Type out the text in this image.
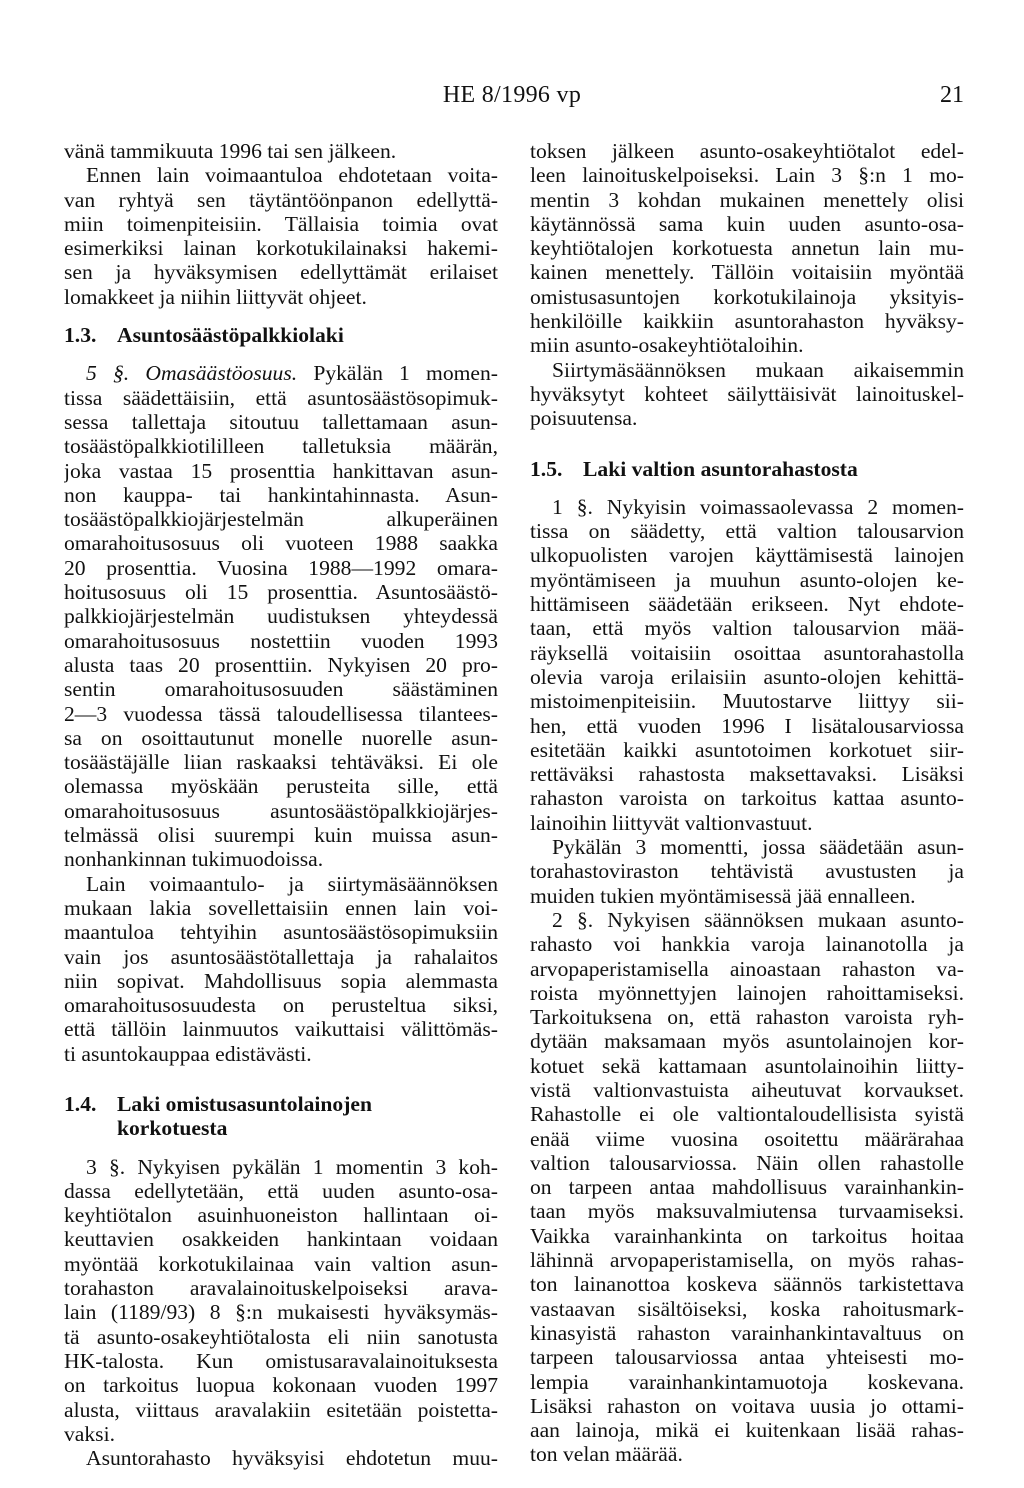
HE 8/1996 vp	21
vänä tammikuuta 1996 tai sen jälkeen.
Ennen lain voimaantuloa ehdotetaan voita-
van ryhtyä sen täytäntöönpanon edellyttä-
miin toimenpiteisiin. Tällaisia toimia ovat
esimerkiksi lainan korkotukilainaksi hakemi-
sen ja hyväksymisen edellyttämät erilaiset
lomakkeet ja niihin liittyvät ohjeet.
1.3. Asuntosäästöpalkkiolaki
5 §. Omasäästöosuus. Pykälän 1 momen-
tissa säädettäisiin, että asuntosäästösopimuk-
sessa tallettaja sitoutuu tallettamaan asun-
tosäästöpalkkiotililleen talletuksia määrän,
joka vastaa 15 prosenttia hankittavan asun-
non kauppa- tai hankintahinnasta. Asun-
tosäästöpalkkiojärjestelmän alkuperäinen
omarahoitusosuus oli vuoteen 1988 saakka
20 prosenttia. Vuosina 1988—1992 omara-
hoitusosuus oli 15 prosenttia. Asuntosäästö-
palkkiojärjestelmän uudistuksen yhteydessä
omarahoitusosuus nostettiin vuoden 1993
alusta taas 20 prosenttiin. Nykyisen 20 pro-
sentin omarahoitusosuuden säästäminen
2—3 vuodessa tässä taloudellisessa tilantees-
sa on osoittautunut monelle nuorelle asun-
tosäästäjälle liian raskaaksi tehtäväksi. Ei ole
olemassa myöskään perusteita sille, että
omarahoitusosuus asuntosäästöpalkkiojärjes-
telmässä olisi suurempi kuin muissa asun-
nonhankinnan tukimuodoissa.
Lain voimaantulo- ja siirtymäsäännöksen
mukaan lakia sovellettaisiin ennen lain voi-
maantuloa tehtyihin asuntosäästösopimuksiin
vain jos asuntosäästötallettaja ja rahalaitos
niin sopivat. Mahdollisuus sopia alemmasta
omarahoitusosuudesta on perusteltua siksi,
että tällöin lainmuutos vaikuttaisi välittömäs-
ti asuntokauppaa edistävästi.
1.4. Laki omistusasuntolainojen
korkotuesta
3 §. Nykyisen pykälän 1 momentin 3 koh-
dassa edellytetään, että uuden asunto-osa-
keyhtiötalon asuinhuoneiston hallintaan oi-
keuttavien osakkeiden hankintaan voidaan
myöntää korkotukilainaa vain valtion asun-
torahaston aravalainoituskelpoiseksi arava-
lain (1189/93) 8 §:n mukaisesti hyväksymäs-
tä asunto-osakeyhtiötalosta eli niin sanotusta
HK-talosta. Kun omistusaravalainoituksesta
on tarkoitus luopua kokonaan vuoden 1997
alusta, viittaus aravalakiin esitetään poistetta-
vaksi.
Asuntorahasto hyväksyisi ehdotetun muu-
toksen jälkeen asunto-osakeyhtiötalot edel-
leen lainoituskelpoiseksi. Lain 3 §:n 1 mo-
mentin 3 kohdan mukainen menettely olisi
käytännössä sama kuin uuden asunto-osa-
keyhtiötalojen korkotuesta annetun lain mu-
kainen menettely. Tällöin voitaisiin myöntää
omistusasuntojen korkotukilainoja yksityis-
henkilöille kaikkiin asuntorahaston hyväksy-
miin asunto-osakeyhtiötaloihin.
Siirtymäsäännöksen mukaan aikaisemmin
hyväksytyt kohteet säilyttäisivät lainoituskel-
poisuutensa.
1.5. Laki valtion asuntorahastosta
1 §. Nykyisin voimassaolevassa 2 momen-
tissa on säädetty, että valtion talousarvion
ulkopuolisten varojen käyttämisestä lainojen
myöntämiseen ja muuhun asunto-olojen ke-
hittämiseen säädetään erikseen. Nyt ehdote-
taan, että myös valtion talousarvion mää-
räyksellä voitaisiin osoittaa asuntorahastolla
olevia varoja erilaisiin asunto-olojen kehittä-
mistoimenpiteisiin. Muutostarve liittyy sii-
hen, että vuoden 1996 I lisätalousarviossa
esitetään kaikki asuntotoimen korkotuet siir-
rettäväksi rahastosta maksettavaksi. Lisäksi
rahaston varoista on tarkoitus kattaa asunto-
lainoihin liittyvät valtionvastuut.
Pykälän 3 momentti, jossa säädetään asun-
torahastoviraston tehtävistä avustusten ja
muiden tukien myöntämisessä jää ennalleen.
2 §. Nykyisen säännöksen mukaan asunto-
rahasto voi hankkia varoja lainanotolla ja
arvopaperistamisella ainoastaan rahaston va-
roista myönnettyjen lainojen rahoittamiseksi.
Tarkoituksena on, että rahaston varoista ryh-
dytään maksamaan myös asuntolainojen kor-
kotuet sekä kattamaan asuntolainoihin liitty-
vistä valtionvastuista aiheutuvat korvaukset.
Rahastolle ei ole valtiontaloudellisista syistä
enää viime vuosina osoitettu määrärahaa
valtion talousarviossa. Näin ollen rahastolle
on tarpeen antaa mahdollisuus varainhankin-
taan myös maksuvalmiutensa turvaamiseksi.
Vaikka varainhankinta on tarkoitus hoitaa
lähinnä arvopaperistamisella, on myös rahas-
ton lainanottoa koskeva säännös tarkistettava
vastaavan sisältöiseksi, koska rahoitusmark-
kinasyistä rahaston varainhankintavaltuus on
tarpeen talousarviossa antaa yhteisesti mo-
lempia varainhankintamuotoja koskevana.
Lisäksi rahaston on voitava uusia jo ottami-
aan lainoja, mikä ei kuitenkaan lisää rahas-
ton velan määrää.
